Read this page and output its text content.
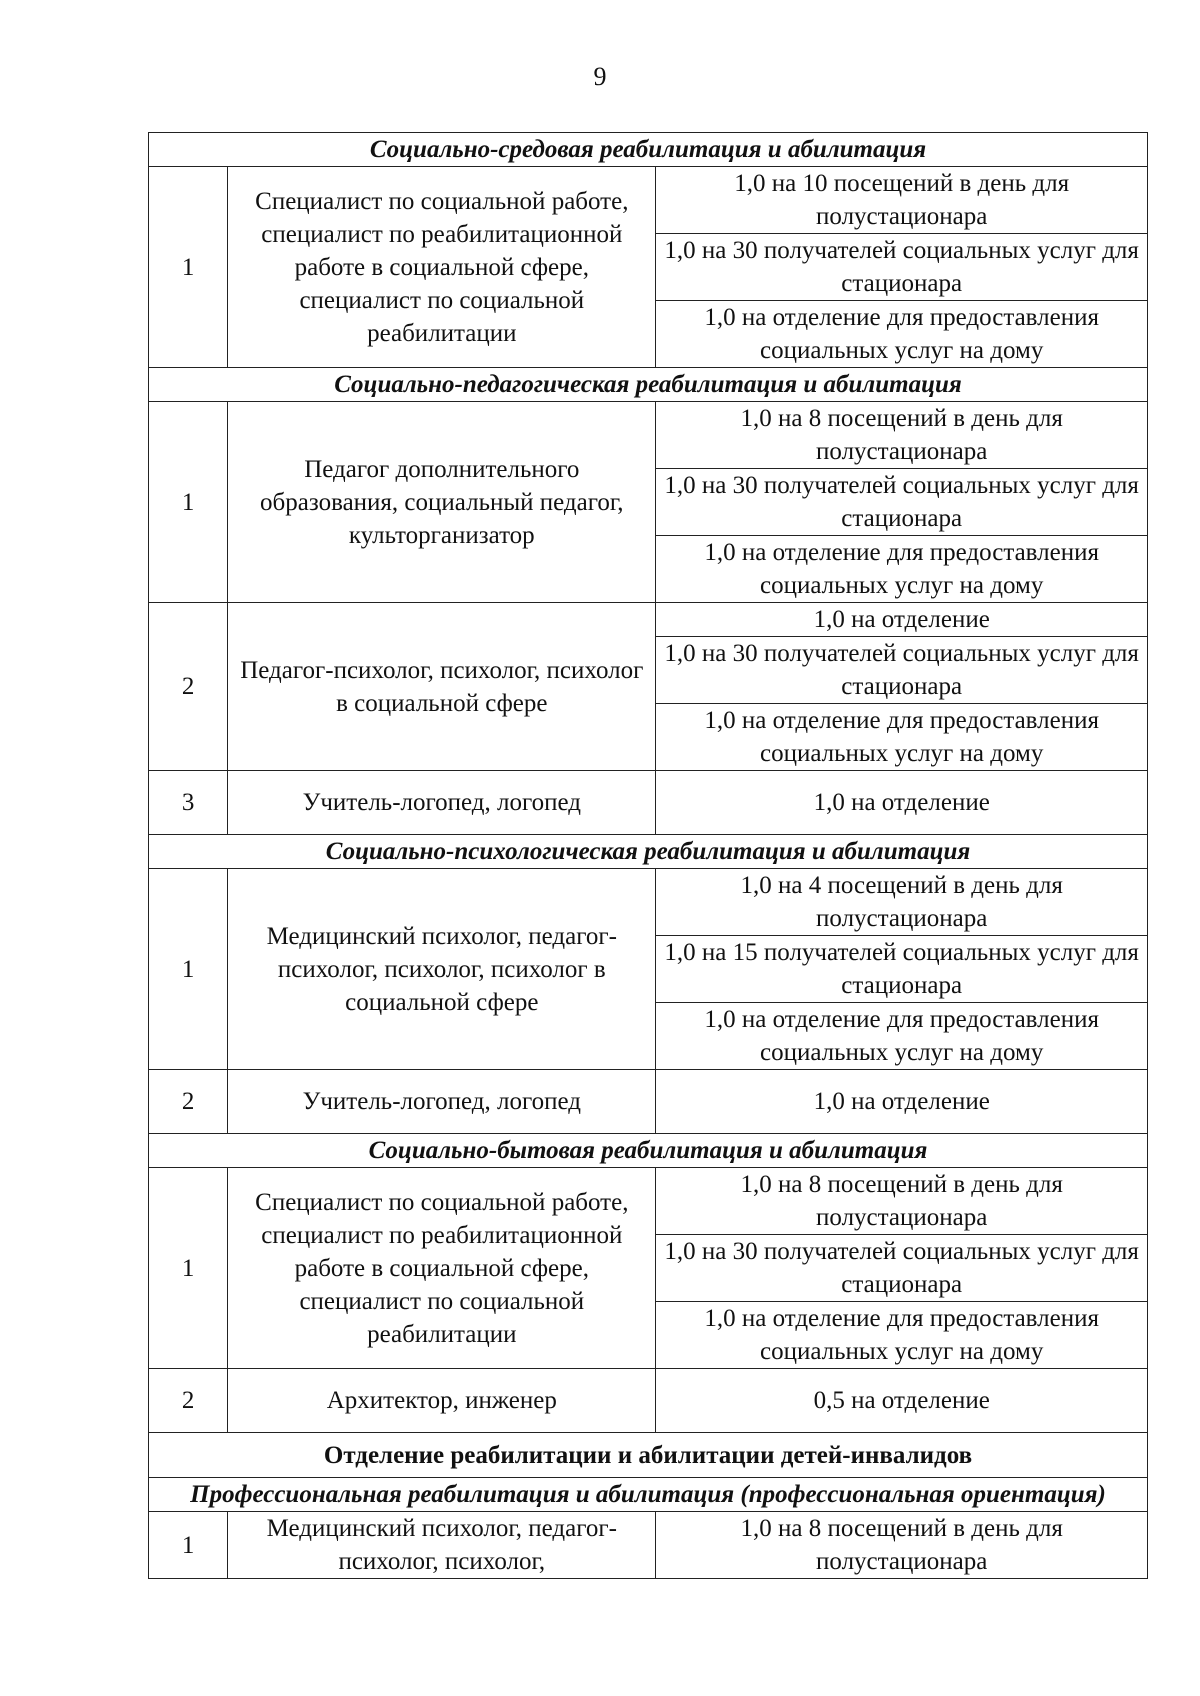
9
Социально-средовая реабилитация и абилитация		
1	Специалист по социальной работе, специалист по реабилитационной работе в социальной сфере, специалист по социальной реабилитации	1,0 на 10 посещений в день для полустационара
		1,0 на 30 получателей социальных услуг для стационара
		1,0 на отделение для предоставления социальных услуг на дому
Социально-педагогическая реабилитация и абилитация		
1	Педагог дополнительного образования, социальный педагог, культорганизатор	1,0 на 8 посещений в день для полустационара
		1,0 на 30 получателей социальных услуг для стационара
		1,0 на отделение для предоставления социальных услуг на дому
2	Педагог-психолог, психолог, психолог в социальной сфере	1,0 на отделение
		1,0 на 30 получателей социальных услуг для стационара
		1,0 на отделение для предоставления социальных услуг на дому
3	Учитель-логопед, логопед	1,0 на отделение
Социально-психологическая реабилитация и абилитация		
1	Медицинский психолог, педагог-психолог, психолог, психолог в социальной сфере	1,0 на 4 посещений в день для полустационара
		1,0 на 15 получателей социальных услуг для стационара
		1,0 на отделение для предоставления социальных услуг на дому
2	Учитель-логопед, логопед	1,0 на отделение
Социально-бытовая реабилитация и абилитация		
1	Специалист по социальной работе, специалист по реабилитационной работе в социальной сфере, специалист по социальной реабилитации	1,0 на 8 посещений в день для полустационара
		1,0 на 30 получателей социальных услуг для стационара
		1,0 на отделение для предоставления социальных услуг на дому
2	Архитектор, инженер	0,5 на отделение
Отделение реабилитации и абилитации детей-инвалидов		
Профессиональная реабилитация и абилитация (профессиональная ориентация)		
1	Медицинский психолог, педагог-психолог, психолог,	1,0 на 8 посещений в день для полустационара
